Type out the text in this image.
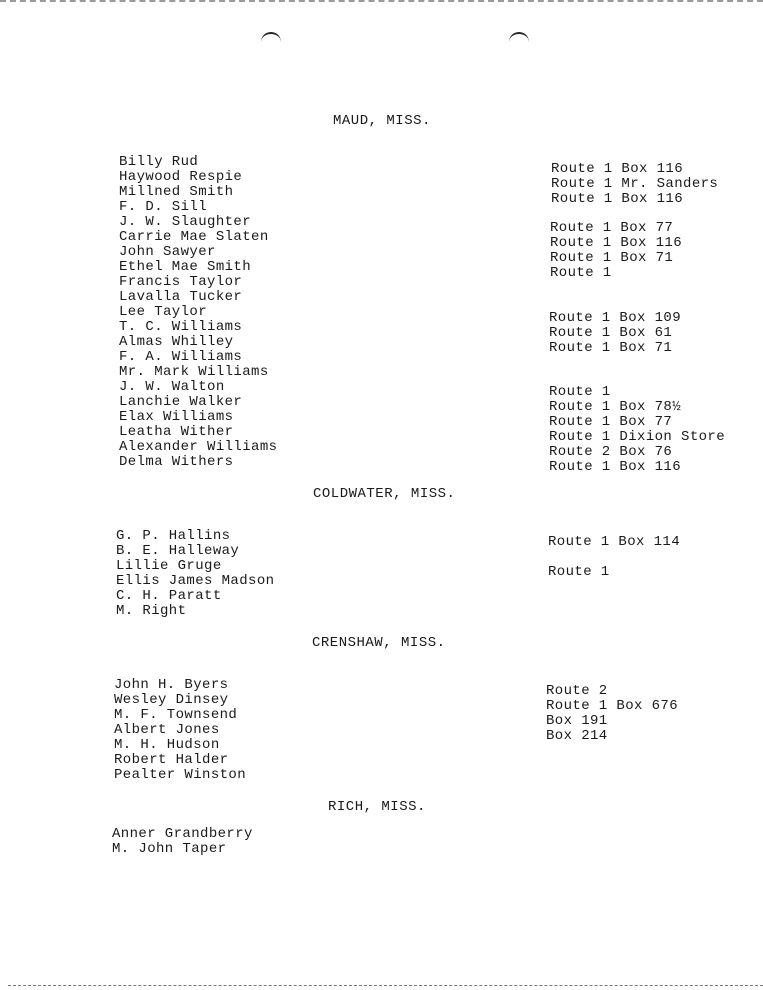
MAUD, MISS.
Billy Rud
Haywood Respie
Millned Smith
F. D. Sill
J. W. Slaughter
Carrie Mae Slaten
John Sawyer
Ethel Mae Smith
Francis Taylor
Lavalla Tucker
Lee Taylor
T. C. Williams
Almas Whilley
F. A. Williams
Mr. Mark Williams
J. W. Walton
Lanchie Walker
Elax Williams
Leatha Wither
Alexander Williams
Delma Withers
Route 1 Box 116
Route 1 Mr. Sanders
Route 1 Box 116
Route 1 Box 77
Route 1 Box 116
Route 1 Box 71
Route 1
Route 1 Box 109
Route 1 Box 61
Route 1 Box 71
Route 1
Route 1 Box 78½
Route 1 Box 77
Route 1 Dixion Store
Route 2 Box 76
Route 1 Box 116
COLDWATER, MISS.
G. P. Hallins
B. E. Halleway
Lillie Gruge
Ellis James Madson
C. H. Paratt
M. Right
Route 1 Box 114
Route 1
CRENSHAW, MISS.
John H. Byers
Wesley Dinsey
M. F. Townsend
Albert Jones
M. H. Hudson
Robert Halder
Pealter Winston
Route 2
Route 1 Box 676
Box 191
Box 214
RICH, MISS.
Anner Grandberry
M. John Taper
